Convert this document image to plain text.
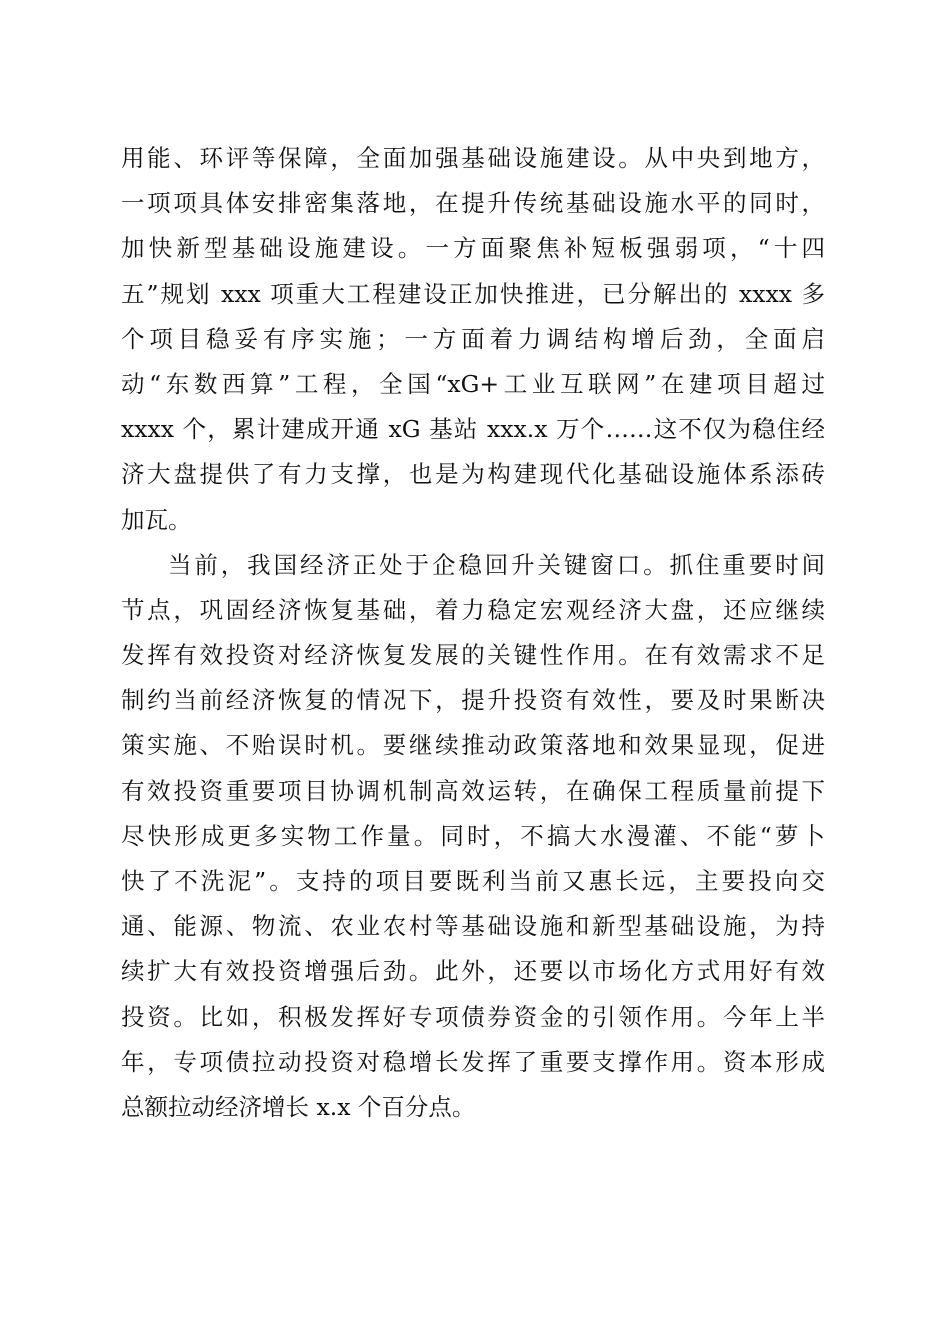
用能、环评等保障，全面加强基础设施建设。从中央到地方，
一项项具体安排密集落地，在提升传统基础设施水平的同时，
加快新型基础设施建设。一方面聚焦补短板强弱项，“十四
五”规划 xxx 项重大工程建设正加快推进，已分解出的 xxxx 多
个项目稳妥有序实施；一方面着力调结构增后劲，全面启
动“东数西算”工程，全国“xG+工业互联网”在建项目超过
xxxx 个，累计建成开通 xG 基站 xxx.x 万个……这不仅为稳住经
济大盘提供了有力支撑，也是为构建现代化基础设施体系添砖
加瓦。
当前，我国经济正处于企稳回升关键窗口。抓住重要时间
节点，巩固经济恢复基础，着力稳定宏观经济大盘，还应继续
发挥有效投资对经济恢复发展的关键性作用。在有效需求不足
制约当前经济恢复的情况下，提升投资有效性，要及时果断决
策实施、不贻误时机。要继续推动政策落地和效果显现，促进
有效投资重要项目协调机制高效运转，在确保工程质量前提下
尽快形成更多实物工作量。同时，不搞大水漫灌、不能“萝卜
快了不洗泥”。支持的项目要既利当前又惠长远，主要投向交
通、能源、物流、农业农村等基础设施和新型基础设施，为持
续扩大有效投资增强后劲。此外，还要以市场化方式用好有效
投资。比如，积极发挥好专项债券资金的引领作用。今年上半
年，专项债拉动投资对稳增长发挥了重要支撑作用。资本形成
总额拉动经济增长 x.x 个百分点。
